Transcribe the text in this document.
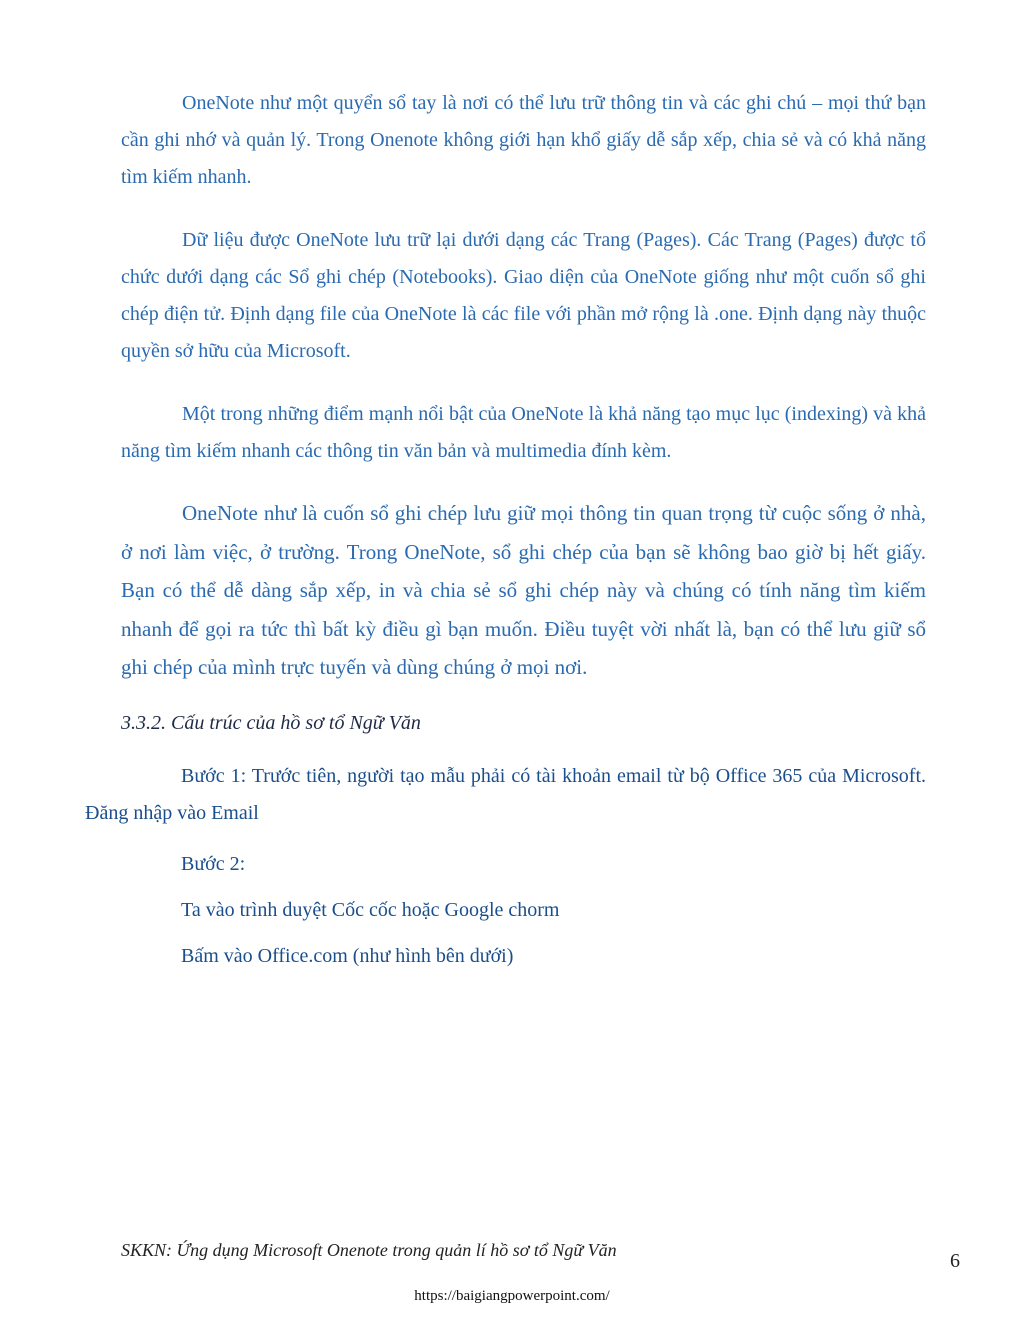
OneNote như một quyển sổ tay là nơi có thể lưu trữ thông tin và các ghi chú – mọi thứ bạn cần ghi nhớ và quản lý. Trong Onenote không giới hạn khổ giấy dễ sắp xếp, chia sẻ và có khả năng tìm kiếm nhanh.

Dữ liệu được OneNote lưu trữ lại dưới dạng các Trang (Pages). Các Trang (Pages) được tổ chức dưới dạng các Sổ ghi chép (Notebooks). Giao diện của OneNote giống như một cuốn sổ ghi chép điện tử. Định dạng file của OneNote là các file với phần mở rộng là .one. Định dạng này thuộc quyền sở hữu của Microsoft.

Một trong những điểm mạnh nổi bật của OneNote là khả năng tạo mục lục (indexing) và khả năng tìm kiếm nhanh các thông tin văn bản và multimedia đính kèm.

OneNote như là cuốn sổ ghi chép lưu giữ mọi thông tin quan trọng từ cuộc sống ở nhà, ở nơi làm việc, ở trường. Trong OneNote, sổ ghi chép của bạn sẽ không bao giờ bị hết giấy. Bạn có thể dễ dàng sắp xếp, in và chia sẻ sổ ghi chép này và chúng có tính năng tìm kiếm nhanh để gọi ra tức thì bất kỳ điều gì bạn muốn. Điều tuyệt vời nhất là, bạn có thể lưu giữ sổ ghi chép của mình trực tuyến và dùng chúng ở mọi nơi.

3.3.2. Cấu trúc của hồ sơ tổ Ngữ Văn

Bước 1: Trước tiên, người tạo mẫu phải có tài khoản email từ bộ Office 365 của Microsoft. Đăng nhập vào Email

Bước 2:

Ta vào trình duyệt Cốc cốc hoặc Google chorm

Bấm vào Office.com (như hình bên dưới)

SKKN: Ứng dụng Microsoft Onenote trong quản lí hồ sơ tổ Ngữ Văn	6

https://baigiangpowerpoint.com/
